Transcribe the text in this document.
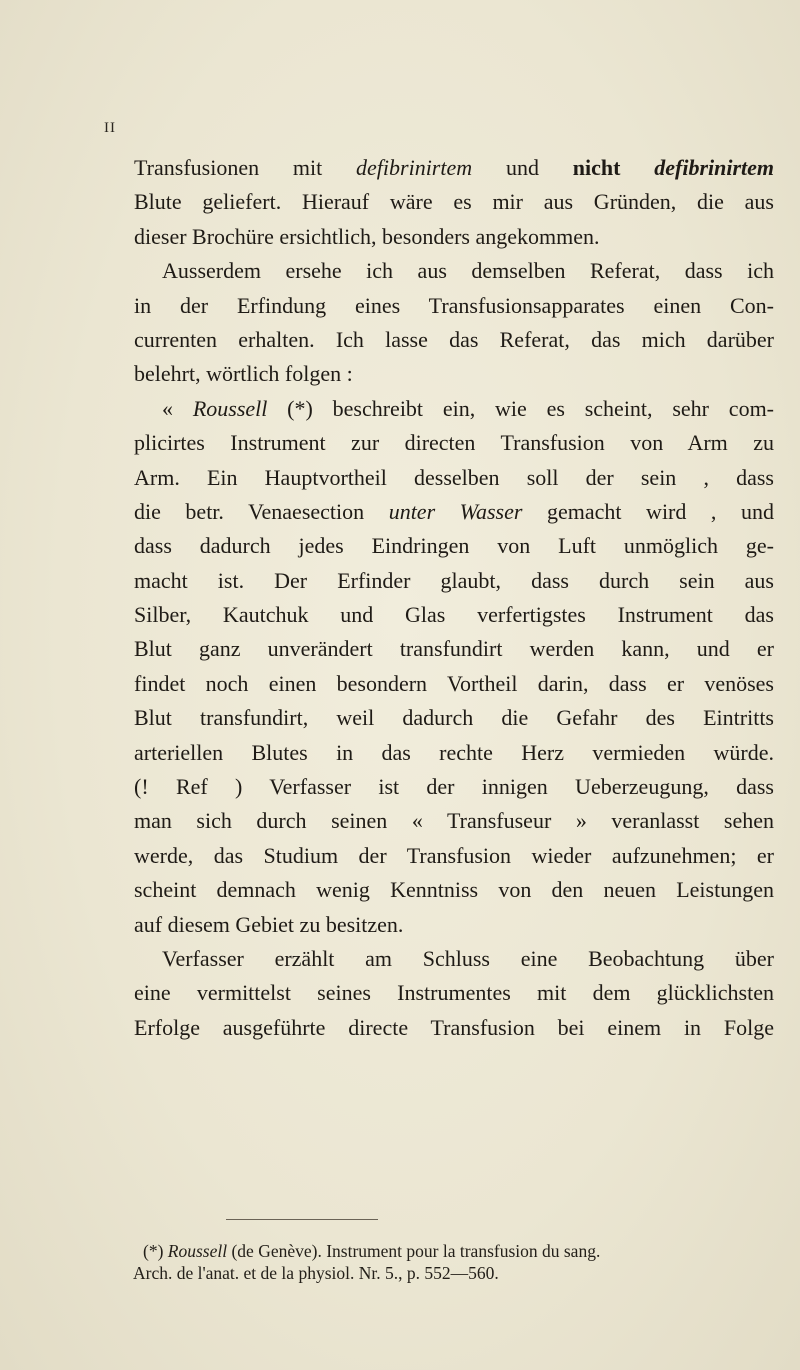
II
Transfusionen mit defibrinirtem und nicht defibrinirtem
Blute geliefert. Hierauf wäre es mir aus Gründen, die aus
dieser Brochüre ersichtlich, besonders angekommen.
Ausserdem ersehe ich aus demselben Referat, dass ich
in der Erfindung eines Transfusionsapparates einen Con-
currenten erhalten. Ich lasse das Referat, das mich darüber
belehrt, wörtlich folgen :
« Roussell (*) beschreibt ein, wie es scheint, sehr com-
plicirtes Instrument zur directen Transfusion von Arm zu
Arm. Ein Hauptvortheil desselben soll der sein , dass
die betr. Venaesection unter Wasser gemacht wird , und
dass dadurch jedes Eindringen von Luft unmöglich ge-
macht ist. Der Erfinder glaubt, dass durch sein aus
Silber, Kautchuk und Glas verfertigstes Instrument das
Blut ganz unverändert transfundirt werden kann, und er
findet noch einen besondern Vortheil darin, dass er venöses
Blut transfundirt, weil dadurch die Gefahr des Eintritts
arteriellen Blutes in das rechte Herz vermieden würde.
(! Ref ) Verfasser ist der innigen Ueberzeugung, dass
man sich durch seinen « Transfuseur » veranlasst sehen
werde, das Studium der Transfusion wieder aufzunehmen; er
scheint demnach wenig Kenntniss von den neuen Leistungen
auf diesem Gebiet zu besitzen.
Verfasser erzählt am Schluss eine Beobachtung über
eine vermittelst seines Instrumentes mit dem glücklichsten
Erfolge ausgeführte directe Transfusion bei einem in Folge
(*) Roussell (de Genève). Instrument pour la transfusion du sang.
Arch. de l'anat. et de la physiol. Nr. 5., p. 552—560.
